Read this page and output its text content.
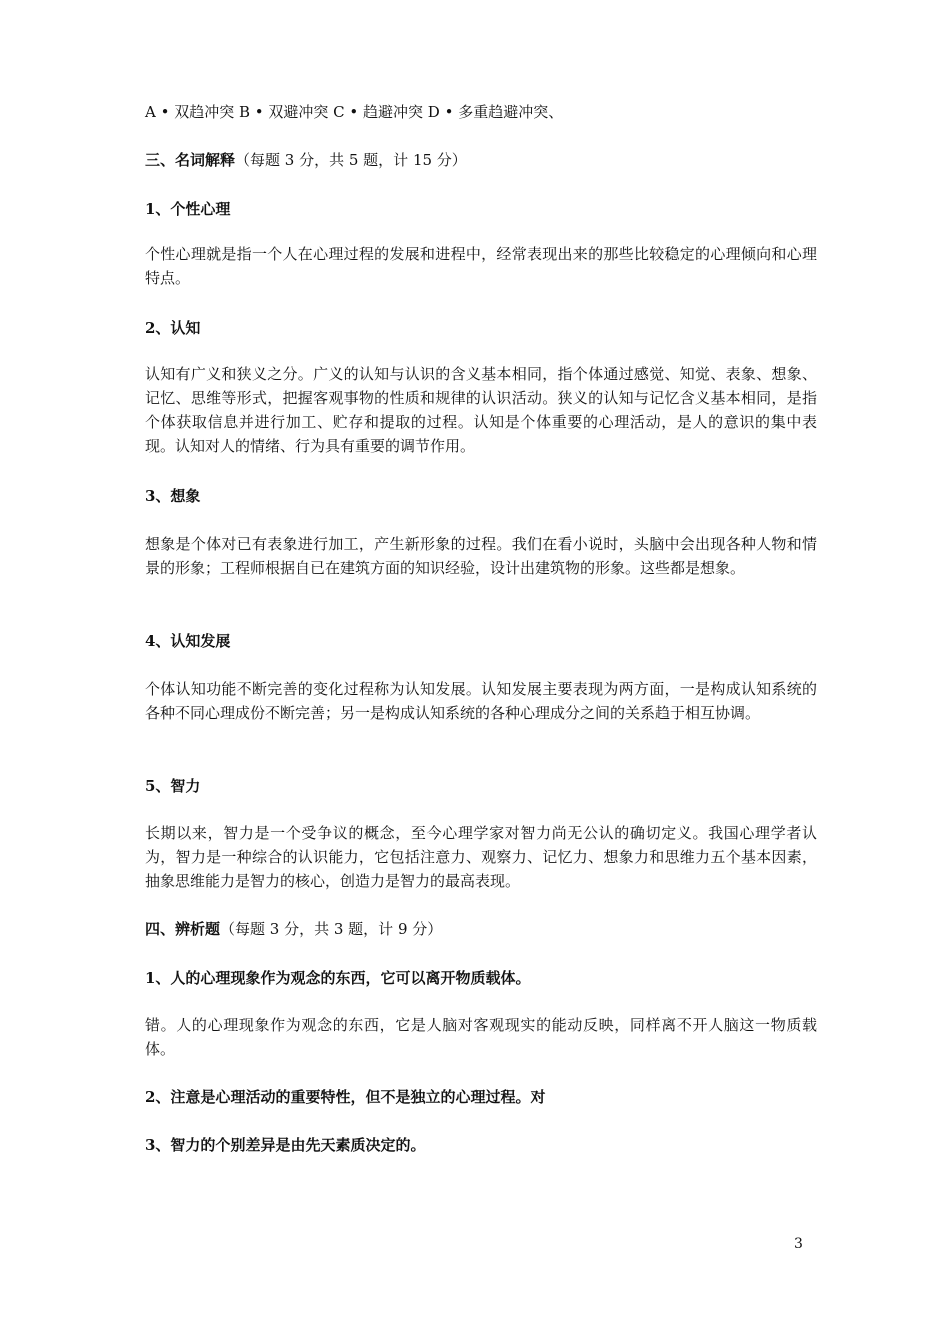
A • 双趋冲突 B • 双避冲突 C • 趋避冲突 D • 多重趋避冲突、

三、名词解释（每题 3 分，共 5 题，计 15 分）

1、个性心理

个性心理就是指一个人在心理过程的发展和进程中，经常表现出来的那些比较稳定的心理倾向和心理特点。

2、认知

认知有广义和狭义之分。广义的认知与认识的含义基本相同，指个体通过感觉、知觉、表象、想象、记忆、思维等形式，把握客观事物的性质和规律的认识活动。狭义的认知与记忆含义基本相同，是指个体获取信息并进行加工、贮存和提取的过程。认知是个体重要的心理活动，是人的意识的集中表现。认知对人的情绪、行为具有重要的调节作用。

3、想象

想象是个体对已有表象进行加工，产生新形象的过程。我们在看小说时，头脑中会出现各种人物和情景的形象；工程师根据自已在建筑方面的知识经验，设计出建筑物的形象。这些都是想象。

4、认知发展

个体认知功能不断完善的变化过程称为认知发展。认知发展主要表现为两方面，一是构成认知系统的各种不同心理成份不断完善；另一是构成认知系统的各种心理成分之间的关系趋于相互协调。

5、智力

长期以来，智力是一个受争议的概念，至今心理学家对智力尚无公认的确切定义。我国心理学者认为，智力是一种综合的认识能力，它包括注意力、观察力、记忆力、想象力和思维力五个基本因素，抽象思维能力是智力的核心，创造力是智力的最高表现。

四、辨析题（每题 3 分，共 3 题，计 9 分）

1、人的心理现象作为观念的东西，它可以离开物质载体。

错。人的心理现象作为观念的东西，它是人脑对客观现实的能动反映，同样离不开人脑这一物质载体。

2、注意是心理活动的重要特性，但不是独立的心理过程。对

3、智力的个别差异是由先天素质决定的。

3
